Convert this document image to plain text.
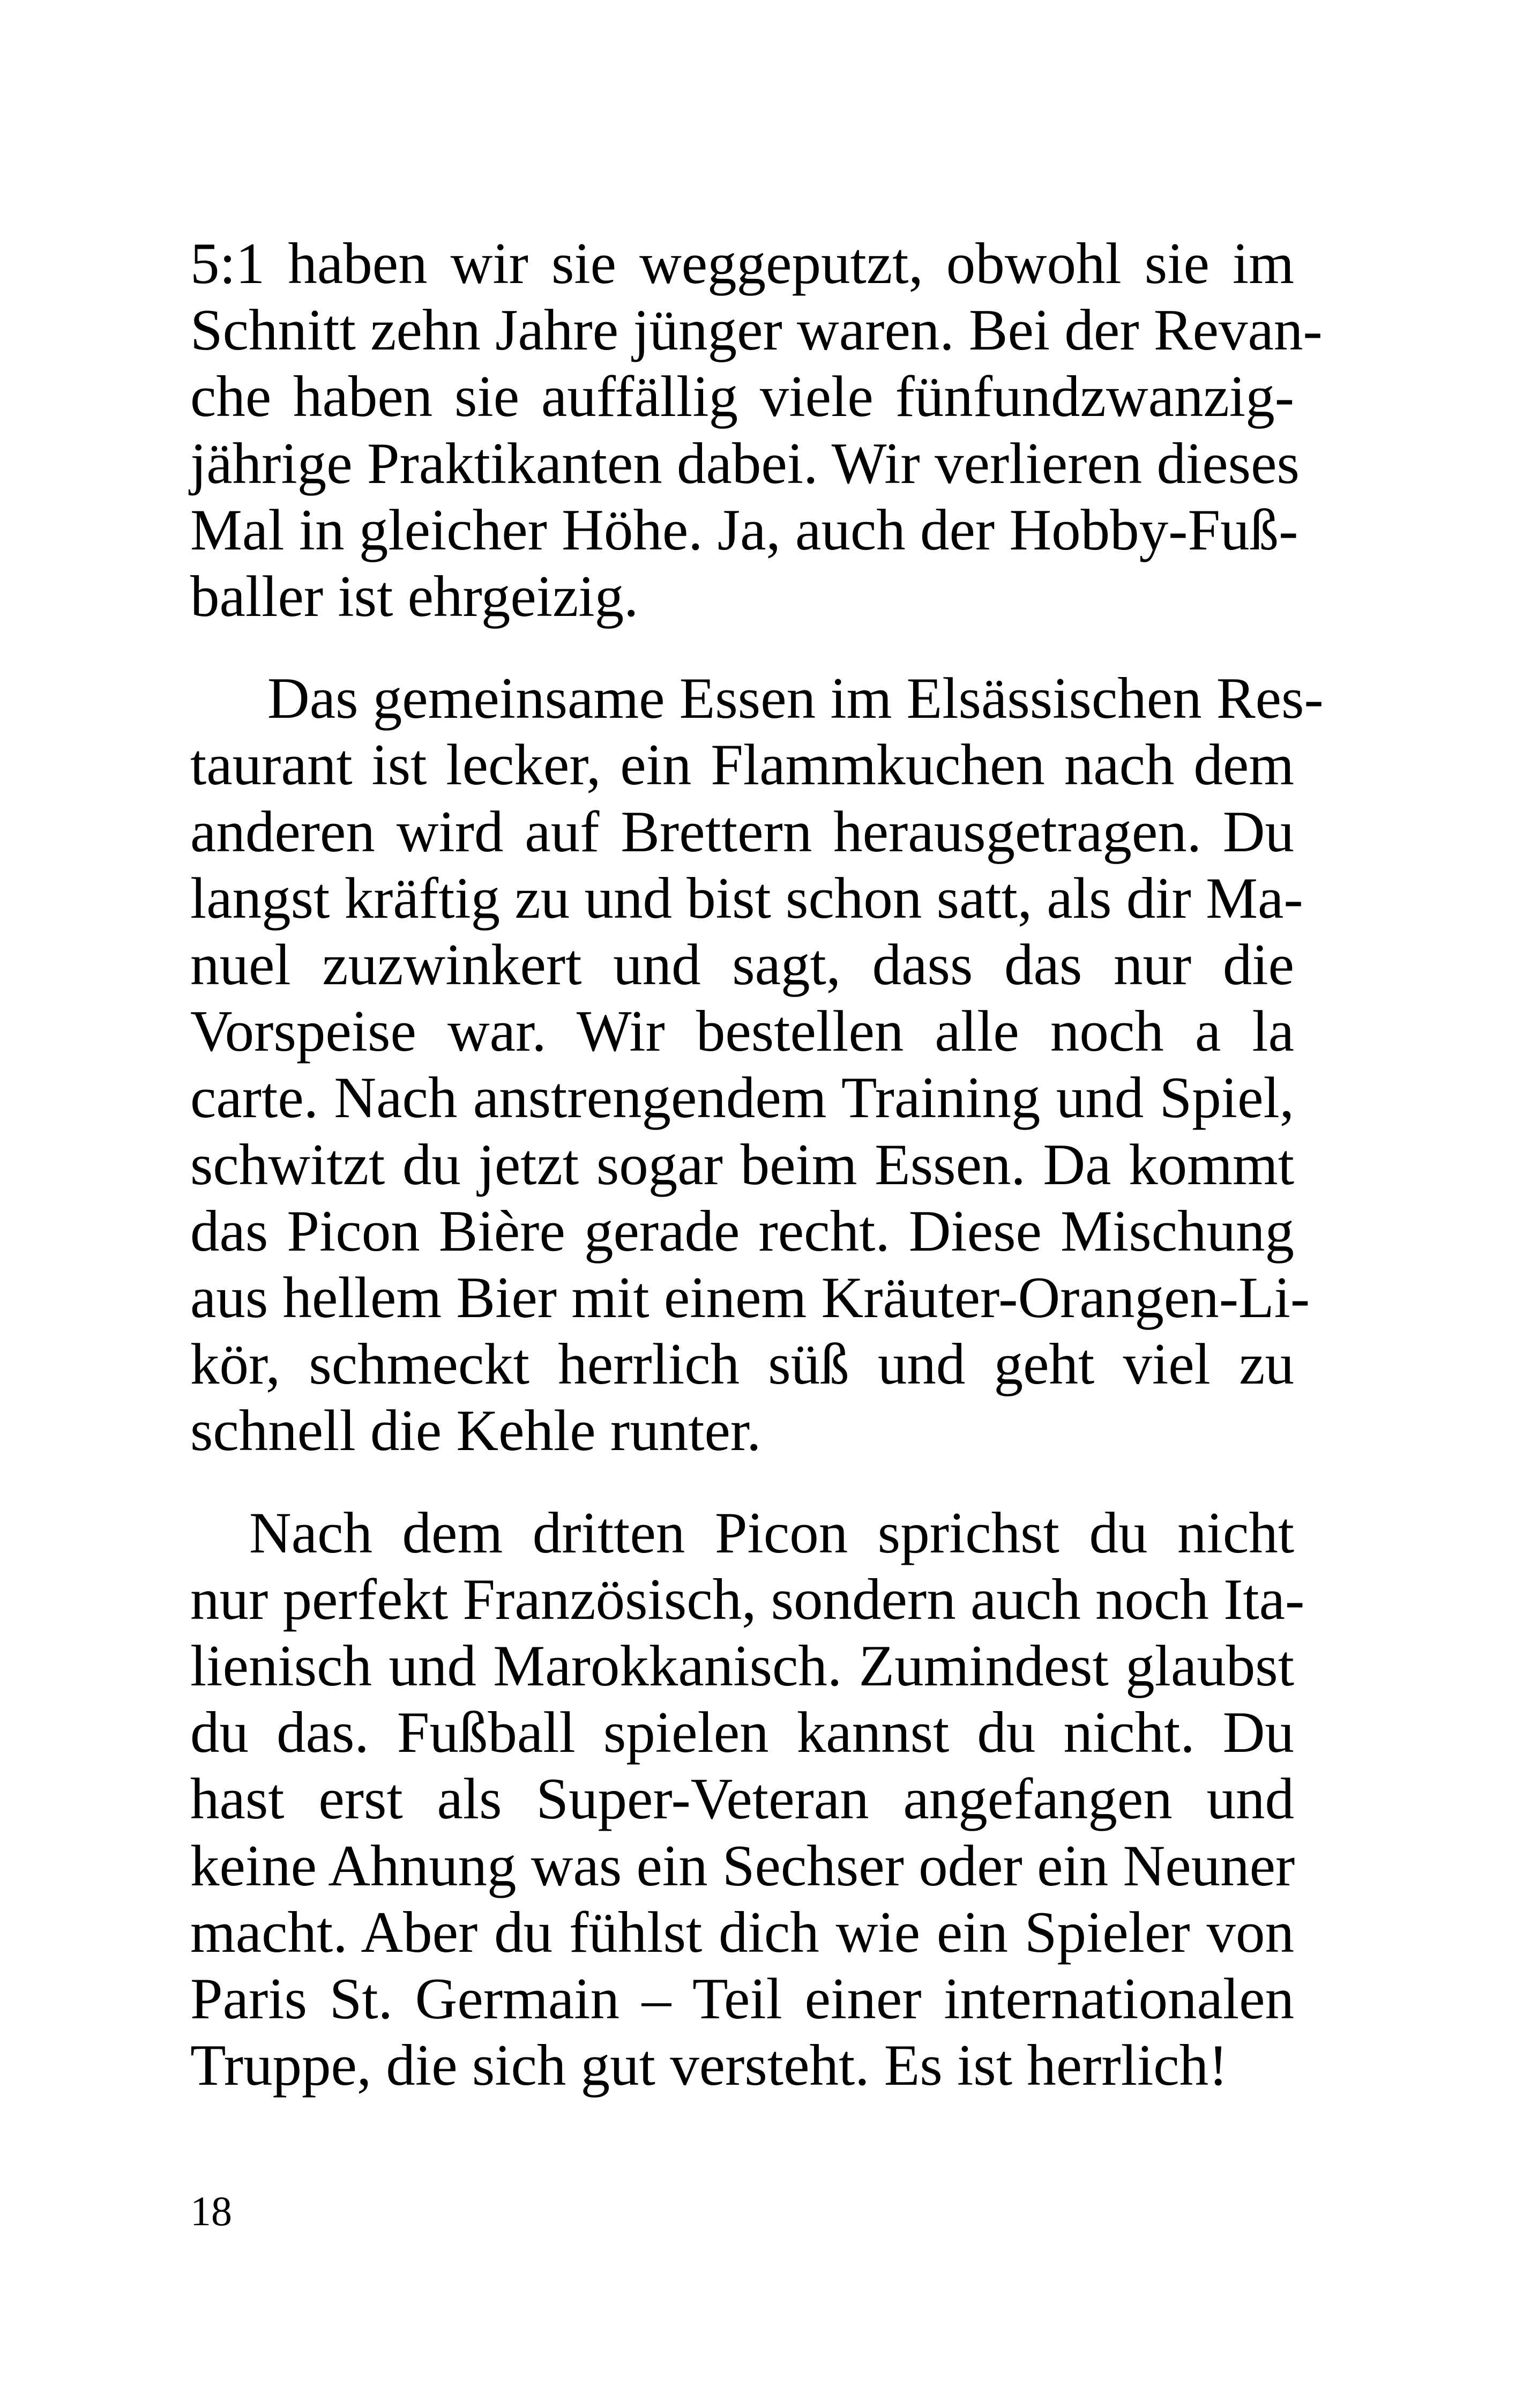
5:1 haben wir sie weggeputzt, obwohl sie im
Schnitt zehn Jahre jünger waren. Bei der Revan-
che haben sie auffällig viele fünfundzwanzig-
jährige Praktikanten dabei. Wir verlieren dieses
Mal in gleicher Höhe. Ja, auch der Hobby-Fuß-
baller ist ehrgeizig.

Das gemeinsame Essen im Elsässischen Res-
taurant ist lecker, ein Flammkuchen nach dem
anderen wird auf Brettern herausgetragen. Du
langst kräftig zu und bist schon satt, als dir Ma-
nuel zuzwinkert und sagt, dass das nur die
Vorspeise war. Wir bestellen alle noch a la
carte. Nach anstrengendem Training und Spiel,
schwitzt du jetzt sogar beim Essen. Da kommt
das Picon Bière gerade recht. Diese Mischung
aus hellem Bier mit einem Kräuter-Orangen-Li-
kör, schmeckt herrlich süß und geht viel zu
schnell die Kehle runter.

Nach dem dritten Picon sprichst du nicht
nur perfekt Französisch, sondern auch noch Ita-
lienisch und Marokkanisch. Zumindest glaubst
du das. Fußball spielen kannst du nicht. Du
hast erst als Super-Veteran angefangen und
keine Ahnung was ein Sechser oder ein Neuner
macht. Aber du fühlst dich wie ein Spieler von
Paris St. Germain – Teil einer internationalen
Truppe, die sich gut versteht. Es ist herrlich!

18
